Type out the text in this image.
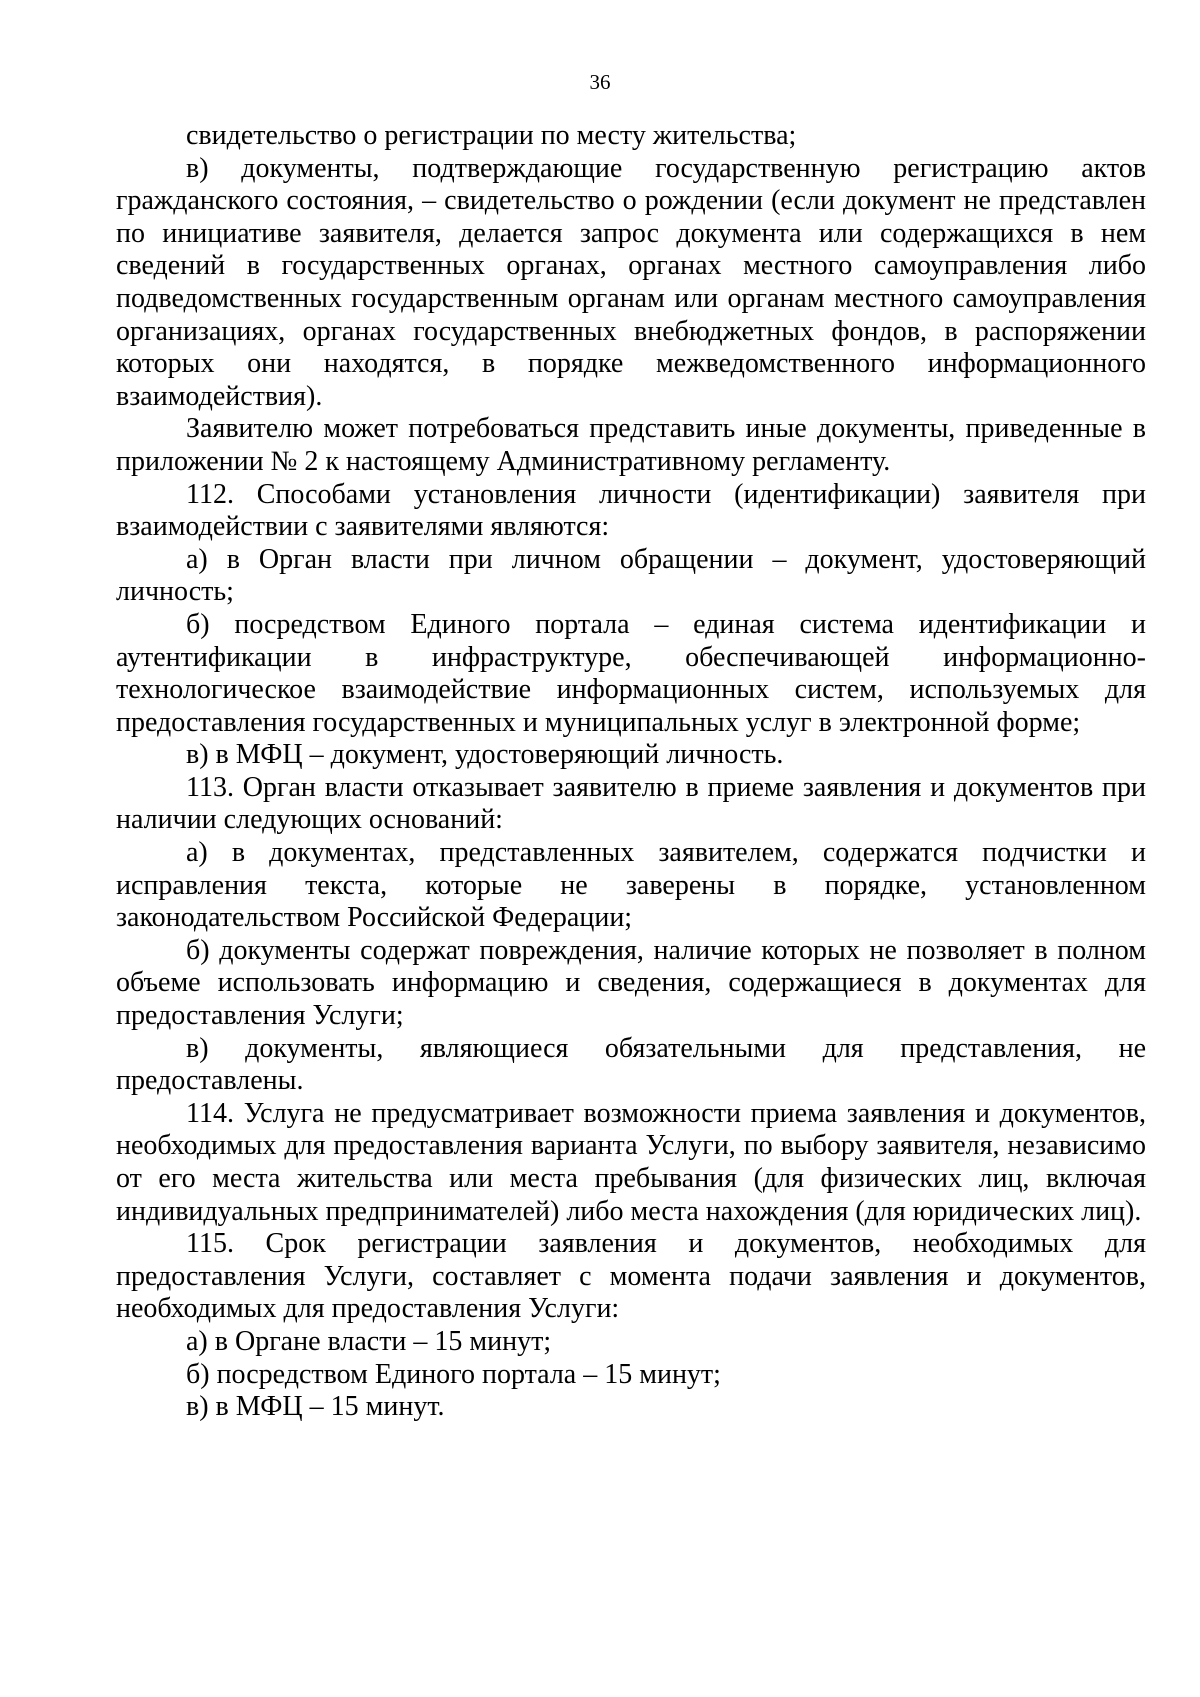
36

свидетельство о регистрации по месту жительства;

в) документы, подтверждающие государственную регистрацию актов гражданского состояния, – свидетельство о рождении (если документ не представлен по инициативе заявителя, делается запрос документа или содержащихся в нем сведений в государственных органах, органах местного самоуправления либо подведомственных государственным органам или органам местного самоуправления организациях, органах государственных внебюджетных фондов, в распоряжении которых они находятся, в порядке межведомственного информационного взаимодействия).

Заявителю может потребоваться представить иные документы, приведенные в приложении № 2 к настоящему Административному регламенту.

112. Способами установления личности (идентификации) заявителя при взаимодействии с заявителями являются:

а) в Орган власти при личном обращении – документ, удостоверяющий личность;

б) посредством Единого портала – единая система идентификации и аутентификации в инфраструктуре, обеспечивающей информационно-технологическое взаимодействие информационных систем, используемых для предоставления государственных и муниципальных услуг в электронной форме;

в) в МФЦ – документ, удостоверяющий личность.

113. Орган власти отказывает заявителю в приеме заявления и документов при наличии следующих оснований:

а) в документах, представленных заявителем, содержатся подчистки и исправления текста, которые не заверены в порядке, установленном законодательством Российской Федерации;

б) документы содержат повреждения, наличие которых не позволяет в полном объеме использовать информацию и сведения, содержащиеся в документах для предоставления Услуги;

в) документы, являющиеся обязательными для представления, не предоставлены.

114. Услуга не предусматривает возможности приема заявления и документов, необходимых для предоставления варианта Услуги, по выбору заявителя, независимо от его места жительства или места пребывания (для физических лиц, включая индивидуальных предпринимателей) либо места нахождения (для юридических лиц).

115. Срок регистрации заявления и документов, необходимых для предоставления Услуги, составляет с момента подачи заявления и документов, необходимых для предоставления Услуги:

а) в Органе власти – 15 минут;

б) посредством Единого портала – 15 минут;

в) в МФЦ – 15 минут.
